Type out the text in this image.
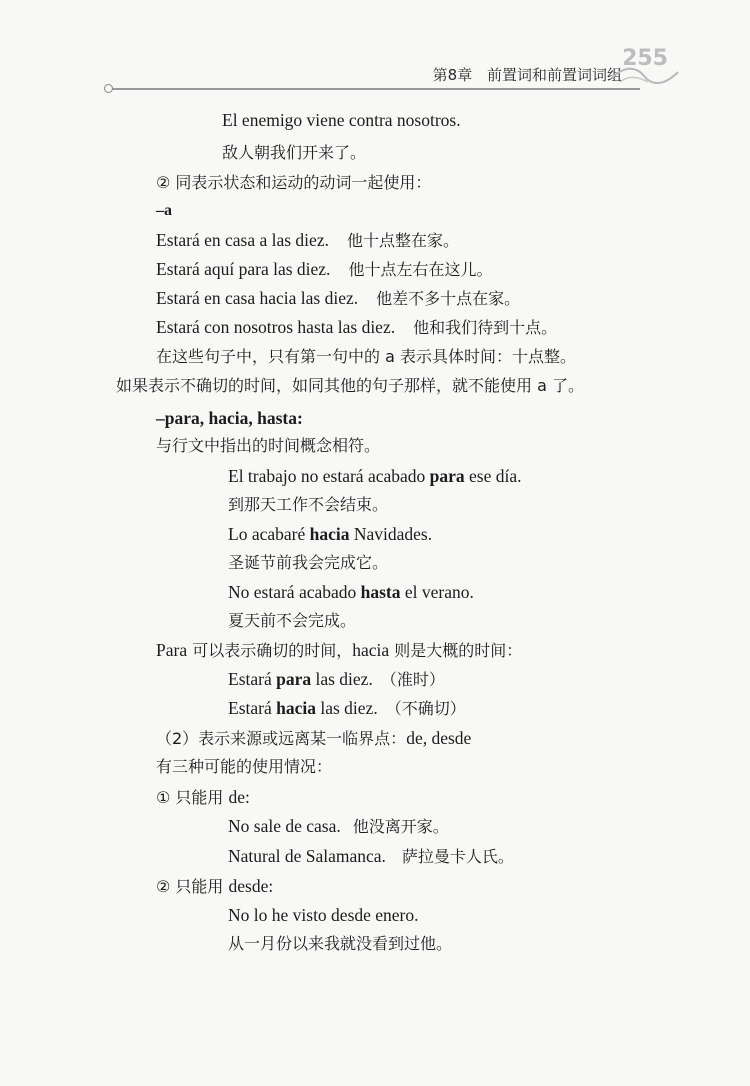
第8章 前置词和前置词词组
255
El enemigo viene contra nosotros.
敌人朝我们开来了。
② 同表示状态和运动的动词一起使用：
–a
Estará en casa a las diez. 他十点整在家。
Estará aquí para las diez. 他十点左右在这儿。
Estará en casa hacia las diez. 他差不多十点在家。
Estará con nosotros hasta las diez. 他和我们待到十点。
在这些句子中，只有第一句中的 a 表示具体时间：十点整。
如果表示不确切的时间，如同其他的句子那样，就不能使用 a 了。
–para, hacia, hasta:
与行文中指出的时间概念相符。
El trabajo no estará acabado para ese día.
到那天工作不会结束。
Lo acabaré hacia Navidades.
圣诞节前我会完成它。
No estará acabado hasta el verano.
夏天前不会完成。
Para 可以表示确切的时间，hacia 则是大概的时间：
Estará para las diez. （准时）
Estará hacia las diez. （不确切）
（2）表示来源或远离某一临界点：de, desde
有三种可能的使用情况：
① 只能用 de:
No sale de casa. 他没离开家。
Natural de Salamanca. 萨拉曼卡人氏。
② 只能用 desde:
No lo he visto desde enero.
从一月份以来我就没看到过他。
